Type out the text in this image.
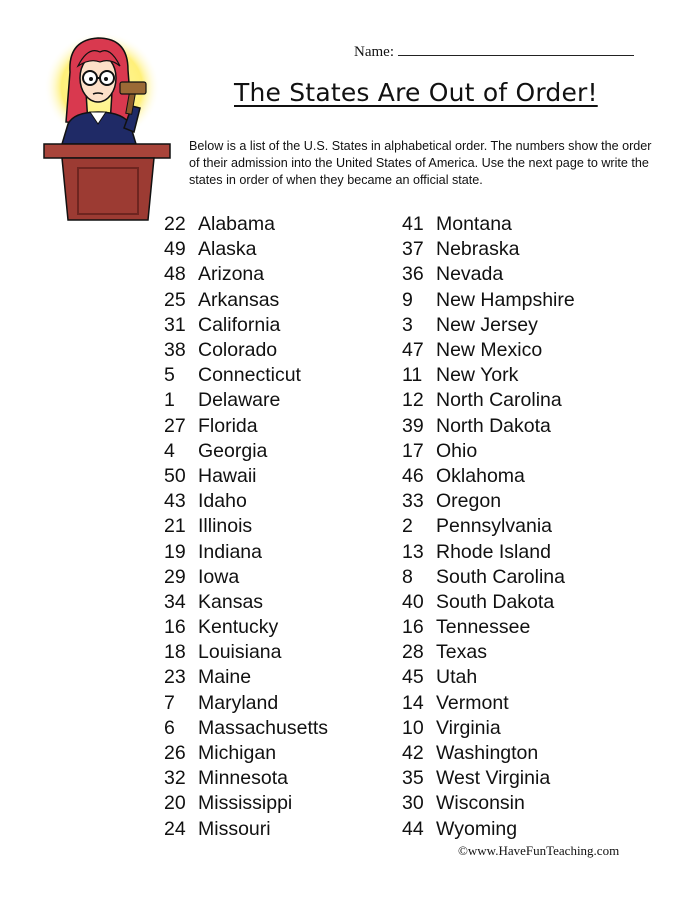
Name:
The States Are Out of Order!

Below is a list of the U.S. States in alphabetical order. The numbers show the order of their admission into the United States of America. Use the next page to write the states in order of when they became an official state.

22 Alabama
49 Alaska
48 Arizona
25 Arkansas
31 California
38 Colorado
5	Connecticut
1	Delaware
27 Florida
4	Georgia
50 Hawaii
43 Idaho
21 Illinois
19 Indiana
29 Iowa
34 Kansas
16 Kentucky
18 Louisiana
23 Maine
7	Maryland
6	Massachusetts
26 Michigan
32 Minnesota
20 Mississippi
24 Missouri
41 Montana
37 Nebraska
36 Nevada
9	New Hampshire
3	New Jersey
47 New Mexico
11 New York
12 North Carolina
39 North Dakota
17 Ohio
46 Oklahoma
33 Oregon
2	Pennsylvania
13 Rhode Island
8	South Carolina
40 South Dakota
16 Tennessee
28 Texas
45 Utah
14 Vermont
10 Virginia
42 Washington
35 West Virginia
30 Wisconsin
44 Wyoming
©www.HaveFunTeaching.com
